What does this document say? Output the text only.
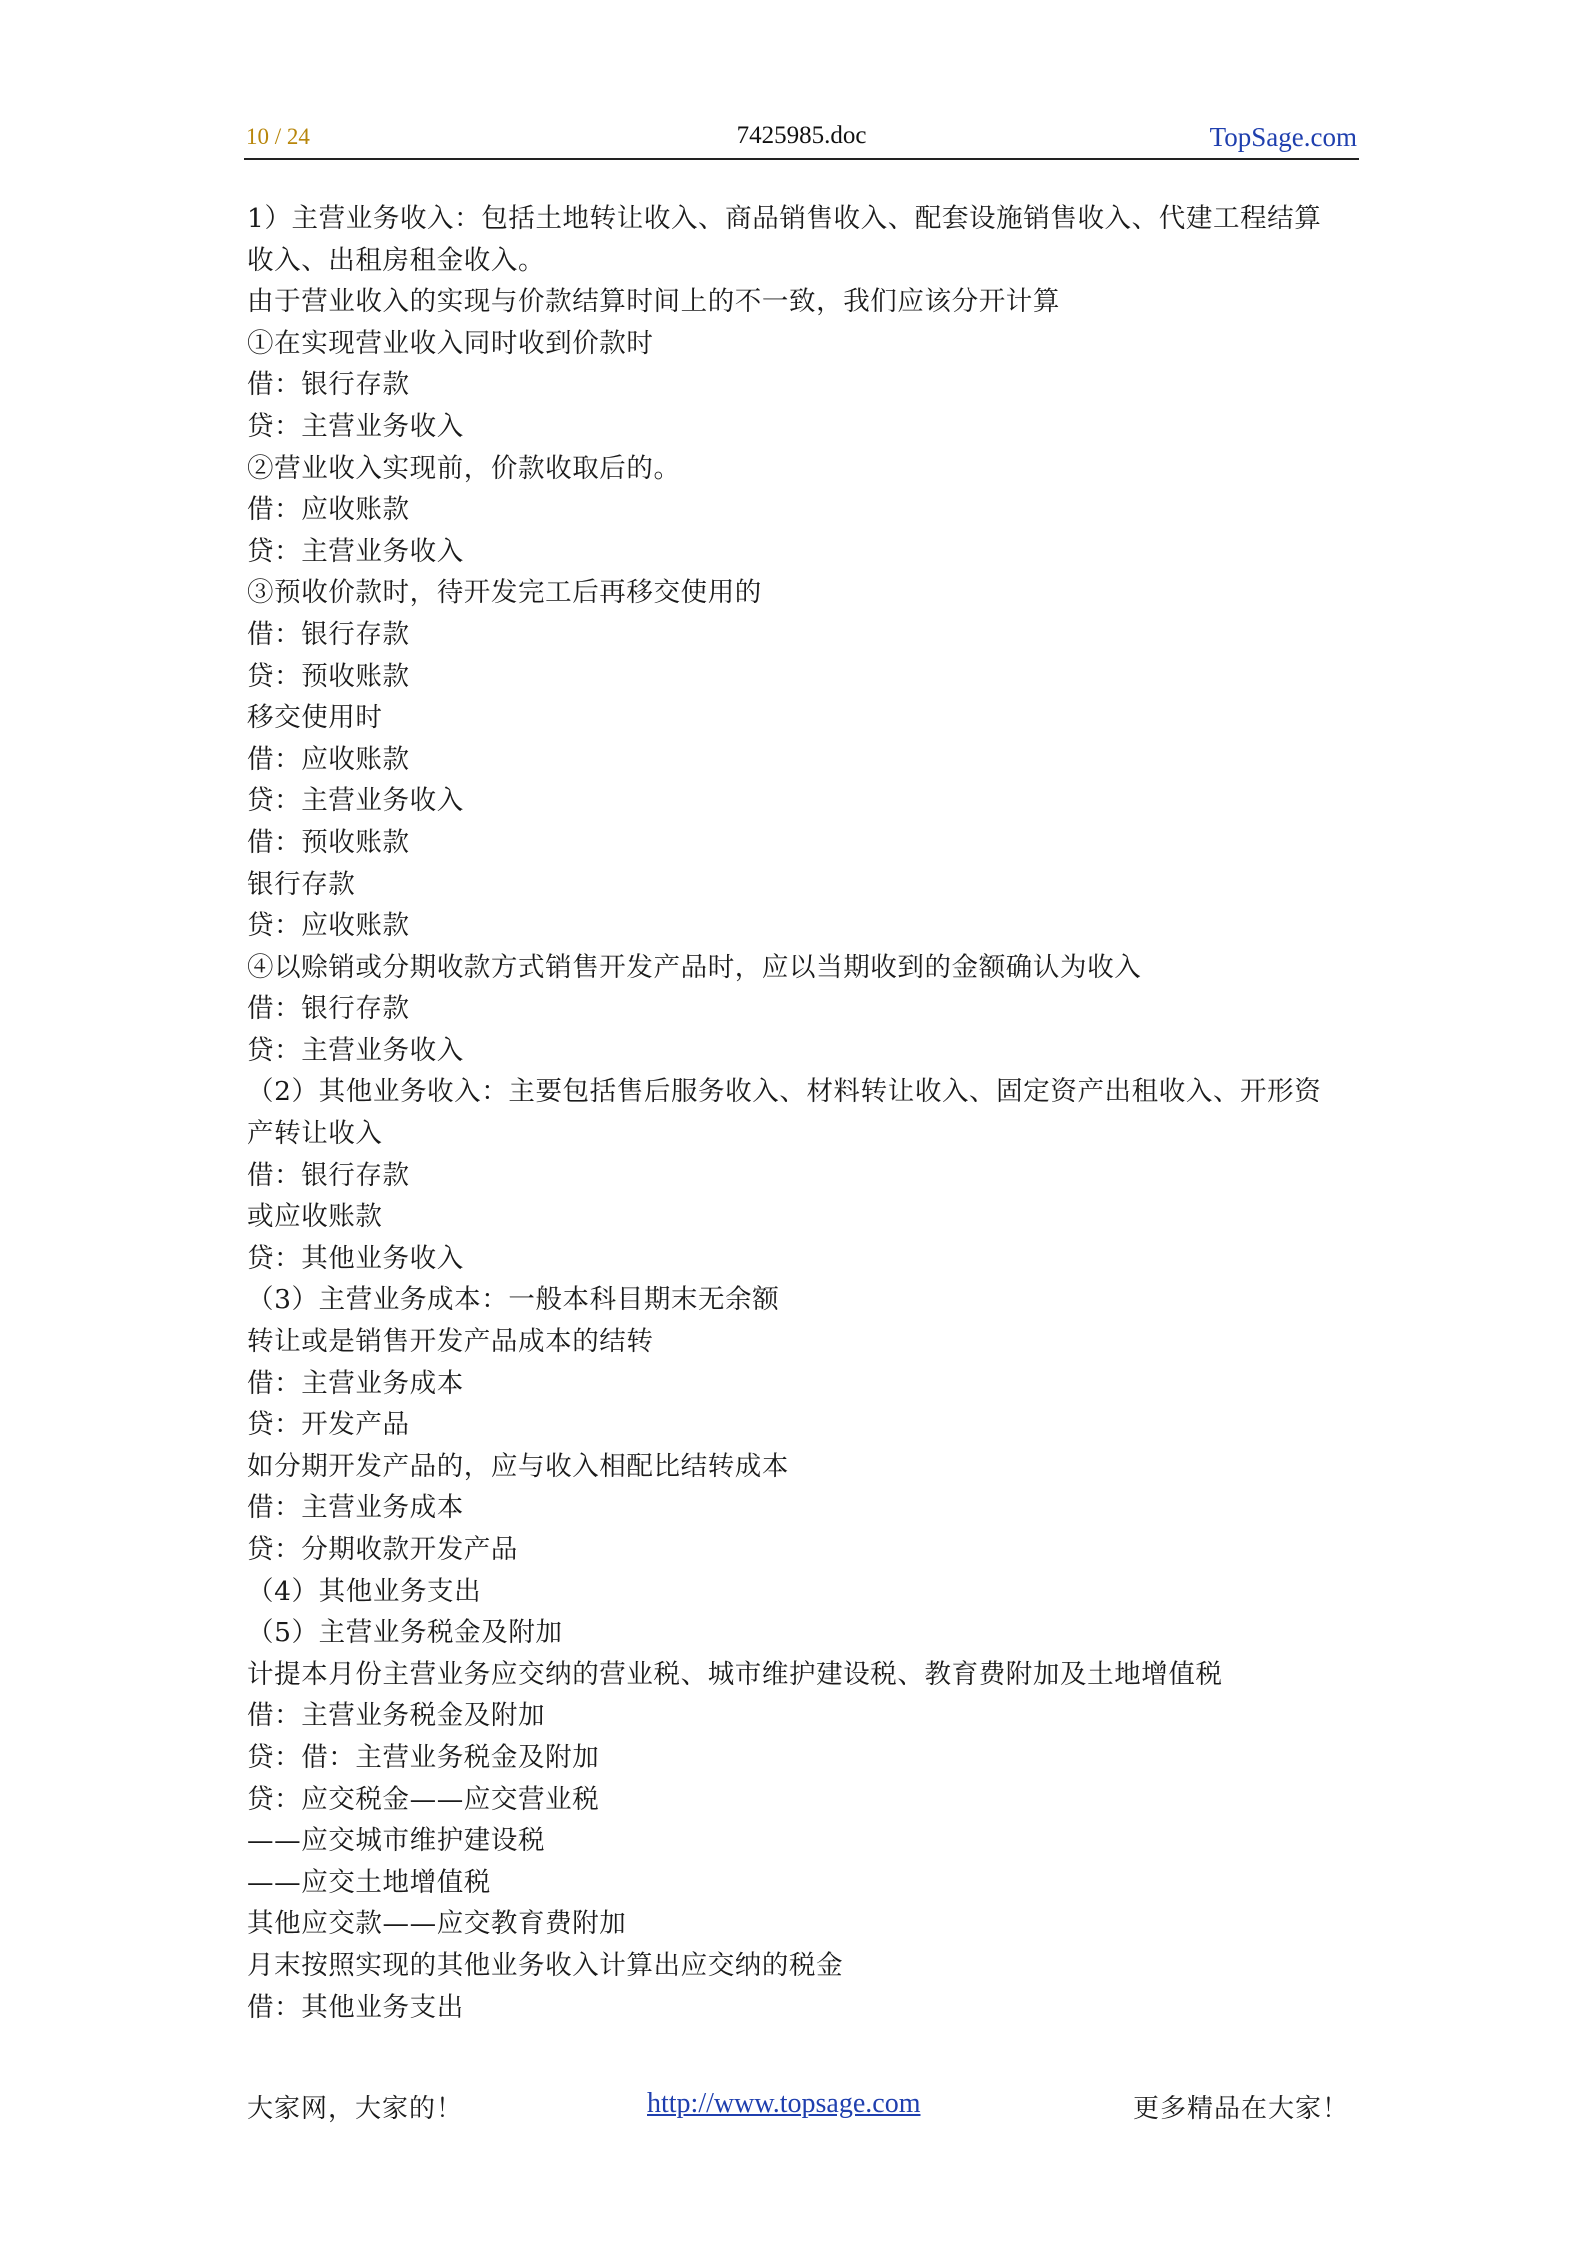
10 / 24	7425985.doc	TopSage.com
1）主营业务收入：包括土地转让收入、商品销售收入、配套设施销售收入、代建工程结算
收入、出租房租金收入。
由于营业收入的实现与价款结算时间上的不一致，我们应该分开计算
①在实现营业收入同时收到价款时
借：银行存款
贷：主营业务收入
②营业收入实现前，价款收取后的。
借：应收账款
贷：主营业务收入
③预收价款时，待开发完工后再移交使用的
借：银行存款
贷：预收账款
移交使用时
借：应收账款
贷：主营业务收入
借：预收账款
银行存款
贷：应收账款
④以赊销或分期收款方式销售开发产品时，应以当期收到的金额确认为收入
借：银行存款
贷：主营业务收入
（2）其他业务收入：主要包括售后服务收入、材料转让收入、固定资产出租收入、开形资
产转让收入
借：银行存款
或应收账款
贷：其他业务收入
（3）主营业务成本：一般本科目期末无余额
转让或是销售开发产品成本的结转
借：主营业务成本
贷：开发产品
如分期开发产品的，应与收入相配比结转成本
借：主营业务成本
贷：分期收款开发产品
（4）其他业务支出
（5）主营业务税金及附加
计提本月份主营业务应交纳的营业税、城市维护建设税、教育费附加及土地增值税
借：主营业务税金及附加
贷：借：主营业务税金及附加
贷：应交税金——应交营业税
——应交城市维护建设税
——应交土地增值税
其他应交款——应交教育费附加
月末按照实现的其他业务收入计算出应交纳的税金
借：其他业务支出
大家网，大家的！	http://www.topsage.com	更多精品在大家！
